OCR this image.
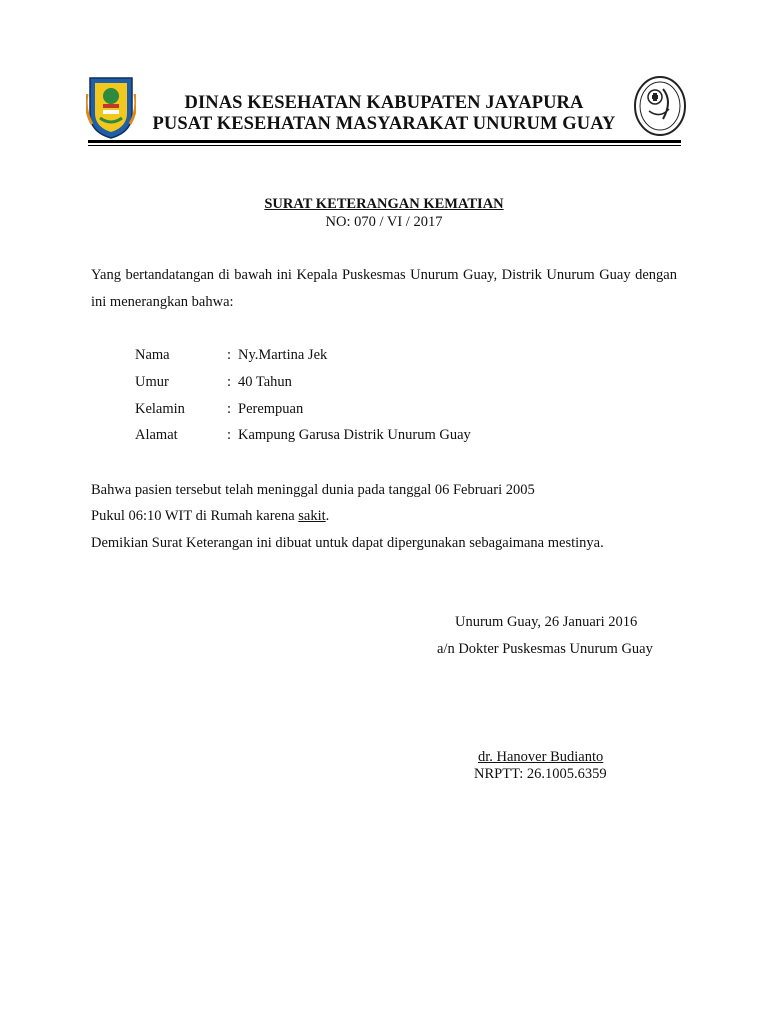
DINAS KESEHATAN KABUPATEN JAYAPURA
PUSAT KESEHATAN MASYARAKAT UNURUM GUAY
SURAT KETERANGAN KEMATIAN
NO: 070 / VI / 2017
Yang bertandatangan di bawah ini Kepala Puskesmas Unurum Guay, Distrik Unurum Guay dengan ini menerangkan bahwa:
Nama	: Ny.Martina Jek
Umur	: 40 Tahun
Kelamin	: Perempuan
Alamat	: Kampung Garusa Distrik Unurum Guay
Bahwa pasien tersebut telah meninggal dunia pada tanggal 06 Februari 2005
Pukul 06:10 WIT di Rumah karena sakit.
Demikian Surat Keterangan ini dibuat untuk dapat dipergunakan sebagaimana mestinya.
Unurum Guay, 26 Januari 2016
a/n Dokter Puskesmas Unurum Guay
dr. Hanover Budianto
NRPTT: 26.1005.6359
